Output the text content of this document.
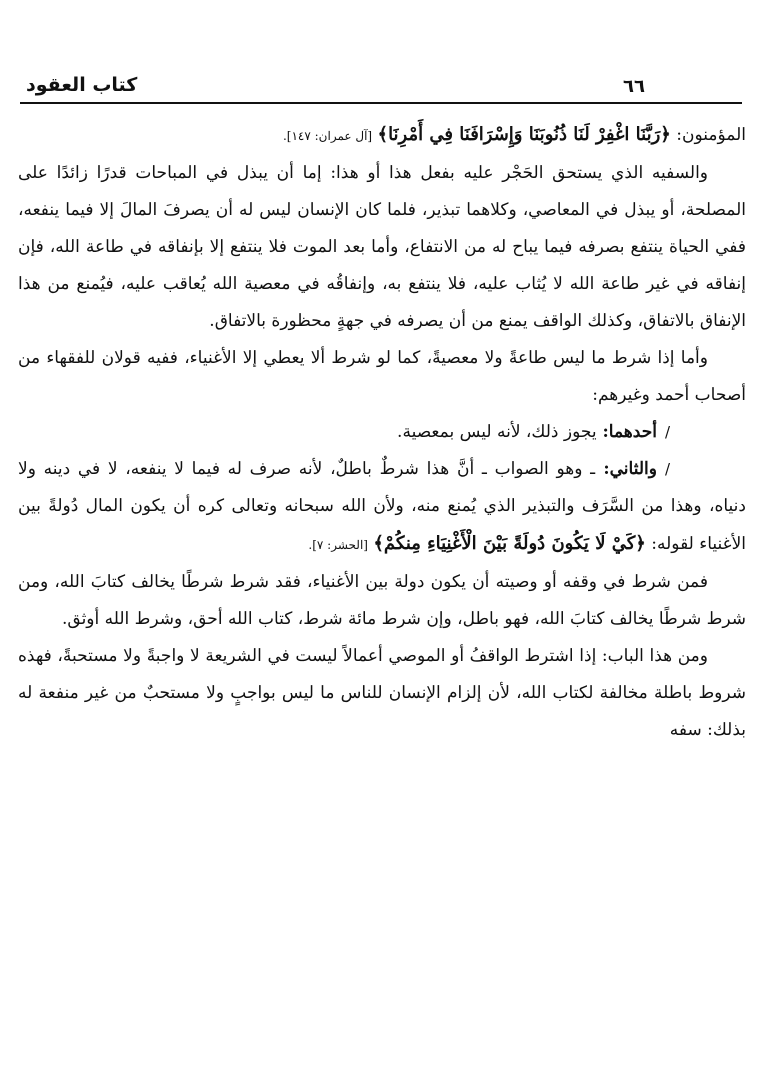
كتاب العقود	٦٦

المؤمنون: ﴿رَبَّنَا اغْفِرْ لَنَا ذُنُوبَنَا وَإِسْرَافَنَا فِي أَمْرِنَا﴾ [آل عمران: ١٤٧].

والسفيه الذي يستحق الحَجْر عليه بفعل هذا أو هذا: إما أن يبذل في المباحات قدرًا زائدًا على المصلحة، أو يبذل في المعاصي، وكلاهما تبذير، فلما كان الإنسان ليس له أن يصرفَ المالَ إلا فيما ينفعه، ففي الحياة ينتفع بصرفه فيما يباح له من الانتفاع، وأما بعد الموت فلا ينتفع إلا بإنفاقه في طاعة الله، فإن إنفاقه في غير طاعة الله لا يُثاب عليه، فلا ينتفع به، وإنفاقُه في معصية الله يُعاقب عليه، فيُمنع من هذا الإنفاق بالاتفاق، وكذلك الواقف يمنع من أن يصرفه في جهةٍ محظورة بالاتفاق.

وأما إذا شرط ما ليس طاعةً ولا معصيةً، كما لو شرط ألا يعطي إلا الأغنياء، ففيه قولان للفقهاء من أصحاب أحمد وغيرهم:

/أحدهما: يجوز ذلك، لأنه ليس بمعصية.

/والثاني: ـ وهو الصواب ـ أنَّ هذا شرطٌ باطلٌ، لأنه صرف له فيما لا ينفعه، لا في دينه ولا دنياه، وهذا من السَّرَف والتبذير الذي يُمنع منه، ولأن الله سبحانه وتعالى كره أن يكون المال دُولةً بين الأغنياء لقوله: ﴿كَيْ لَا يَكُونَ دُولَةً بَيْنَ الْأَغْنِيَاءِ مِنكُمْ﴾ [الحشر: ٧].

فمن شرط في وقفه أو وصيته أن يكون دولة بين الأغنياء، فقد شرط شرطًا يخالف كتابَ الله، ومن شرط شرطًا يخالف كتابَ الله، فهو باطل، وإن شرط مائة شرط، كتاب الله أحق، وشرط الله أوثق.

ومن هذا الباب: إذا اشترط الواقفُ أو الموصي أعمالاً ليست في الشريعة لا واجبةً ولا مستحبةً، فهذه شروط باطلة مخالفة لكتاب الله، لأن إلزام الإنسان للناس ما ليس بواجبٍ ولا مستحبٌ من غير منفعة له بذلك: سفه
